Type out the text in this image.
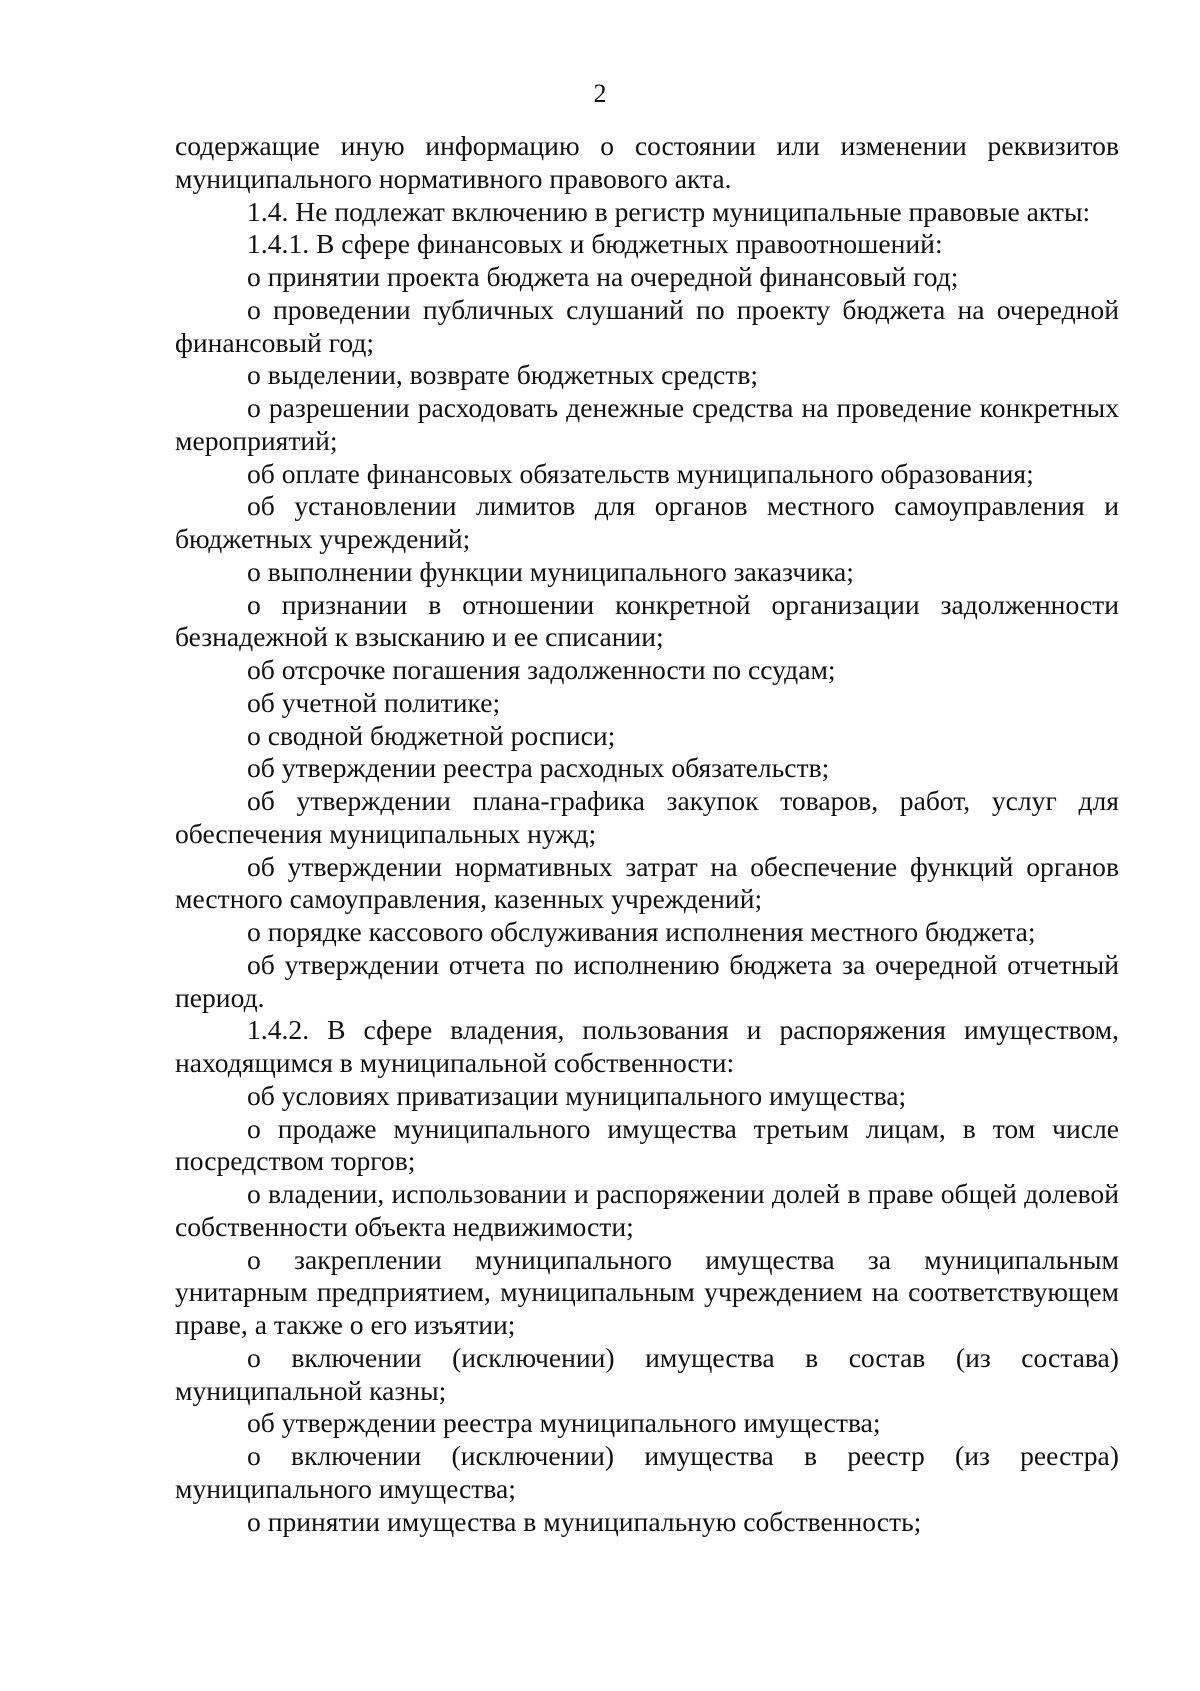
2

содержащие иную информацию о состоянии или изменении реквизитов муниципального нормативного правового акта.

1.4. Не подлежат включению в регистр муниципальные правовые акты:

1.4.1. В сфере финансовых и бюджетных правоотношений:

о принятии проекта бюджета на очередной финансовый год;

о проведении публичных слушаний по проекту бюджета на очередной финансовый год;

о выделении, возврате бюджетных средств;

о разрешении расходовать денежные средства на проведение конкретных мероприятий;

об оплате финансовых обязательств муниципального образования;

об установлении лимитов для органов местного самоуправления и бюджетных учреждений;

о выполнении функции муниципального заказчика;

о признании в отношении конкретной организации задолженности безнадежной к взысканию и ее списании;

об отсрочке погашения задолженности по ссудам;

об учетной политике;

о сводной бюджетной росписи;

об утверждении реестра расходных обязательств;

об утверждении плана-графика закупок товаров, работ, услуг для обеспечения муниципальных нужд;

об утверждении нормативных затрат на обеспечение функций органов местного самоуправления, казенных учреждений;

о порядке кассового обслуживания исполнения местного бюджета;

об утверждении отчета по исполнению бюджета за очередной отчетный период.

1.4.2. В сфере владения, пользования и распоряжения имуществом, находящимся в муниципальной собственности:

об условиях приватизации муниципального имущества;

о продаже муниципального имущества третьим лицам, в том числе посредством торгов;

о владении, использовании и распоряжении долей в праве общей долевой собственности объекта недвижимости;

о закреплении муниципального имущества за муниципальным унитарным предприятием, муниципальным учреждением на соответствующем праве, а также о его изъятии;

о включении (исключении) имущества в состав (из состава) муниципальной казны;

об утверждении реестра муниципального имущества;

о включении (исключении) имущества в реестр (из реестра) муниципального имущества;

о принятии имущества в муниципальную собственность;
